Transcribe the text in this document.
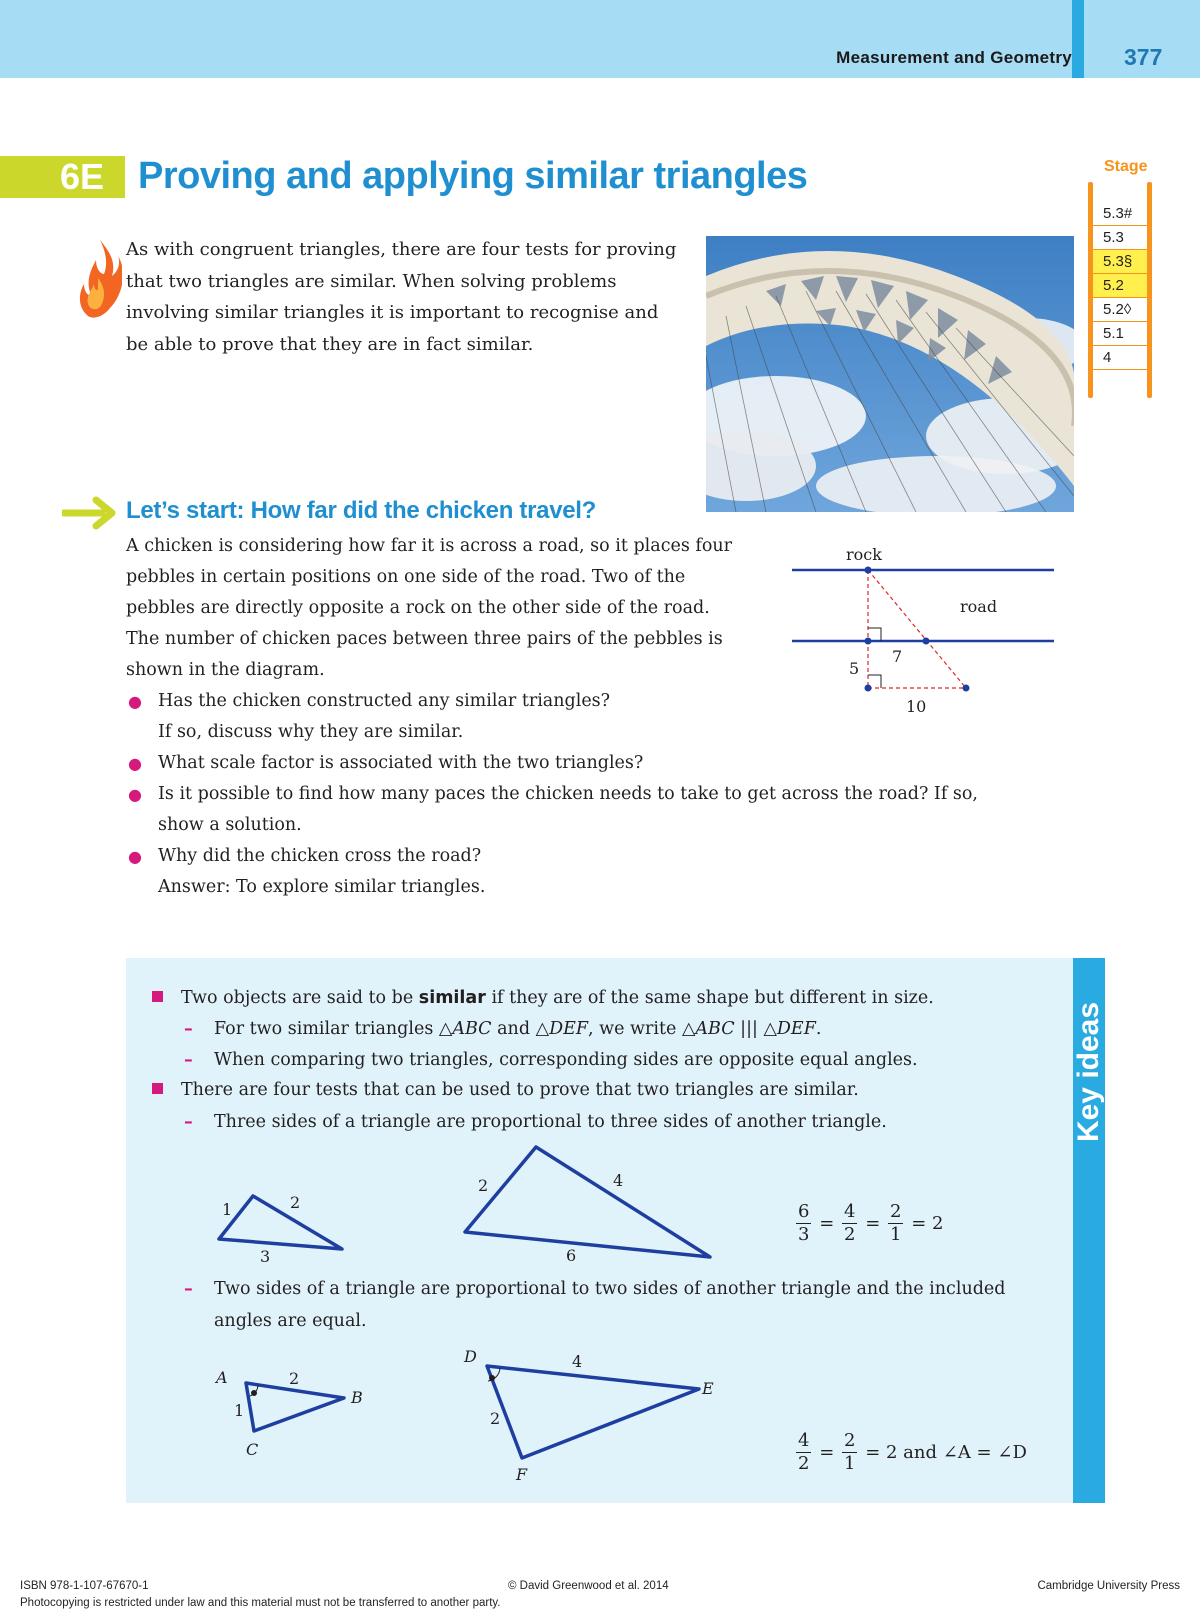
Measurement and Geometry 377
6E Proving and applying similar triangles	Stage
5.3#
5.3
5.3§
5.2
5.2◊
5.1
4
As with congruent triangles, there are four tests for proving that two triangles are similar. When solving problems involving similar triangles it is important to recognise and be able to prove that they are in fact similar.
Let’s start: How far did the chicken travel?
A chicken is considering how far it is across a road, so it places four pebbles in certain positions on one side of the road. Two of the pebbles are directly opposite a rock on the other side of the road. The number of chicken paces between three pairs of the pebbles is shown in the diagram.
● Has the chicken constructed any similar triangles? If so, discuss why they are similar.
● What scale factor is associated with the two triangles?
● Is it possible to find how many paces the chicken needs to take to get across the road? If so, show a solution.
● Why did the chicken cross the road?
Answer: To explore similar triangles.
rock
road
5
7
10
Key ideas
Two objects are said to be similar if they are of the same shape but different in size.
– For two similar triangles △ABC and △DEF, we write △ABC ||| △DEF.
– When comparing two triangles, corresponding sides are opposite equal angles.
There are four tests that can be used to prove that two triangles are similar.
– Three sides of a triangle are proportional to three sides of another triangle.
– Two sides of a triangle are proportional to two sides of another triangle and the included
angles are equal.
1	2
3
2	4
6
A
B
C
2
1
D
E
F
4
2
$\frac{6}{3} = \frac{4}{2} = \frac{2}{1} = 2$
$\frac{4}{2} = \frac{2}{1} = 2$ and ∠A = ∠D
ISBN 978-1-107-67670-1	© David Greenwood et al. 2014	Cambridge University Press
Photocopying is restricted under law and this material must not be transferred to another party.
